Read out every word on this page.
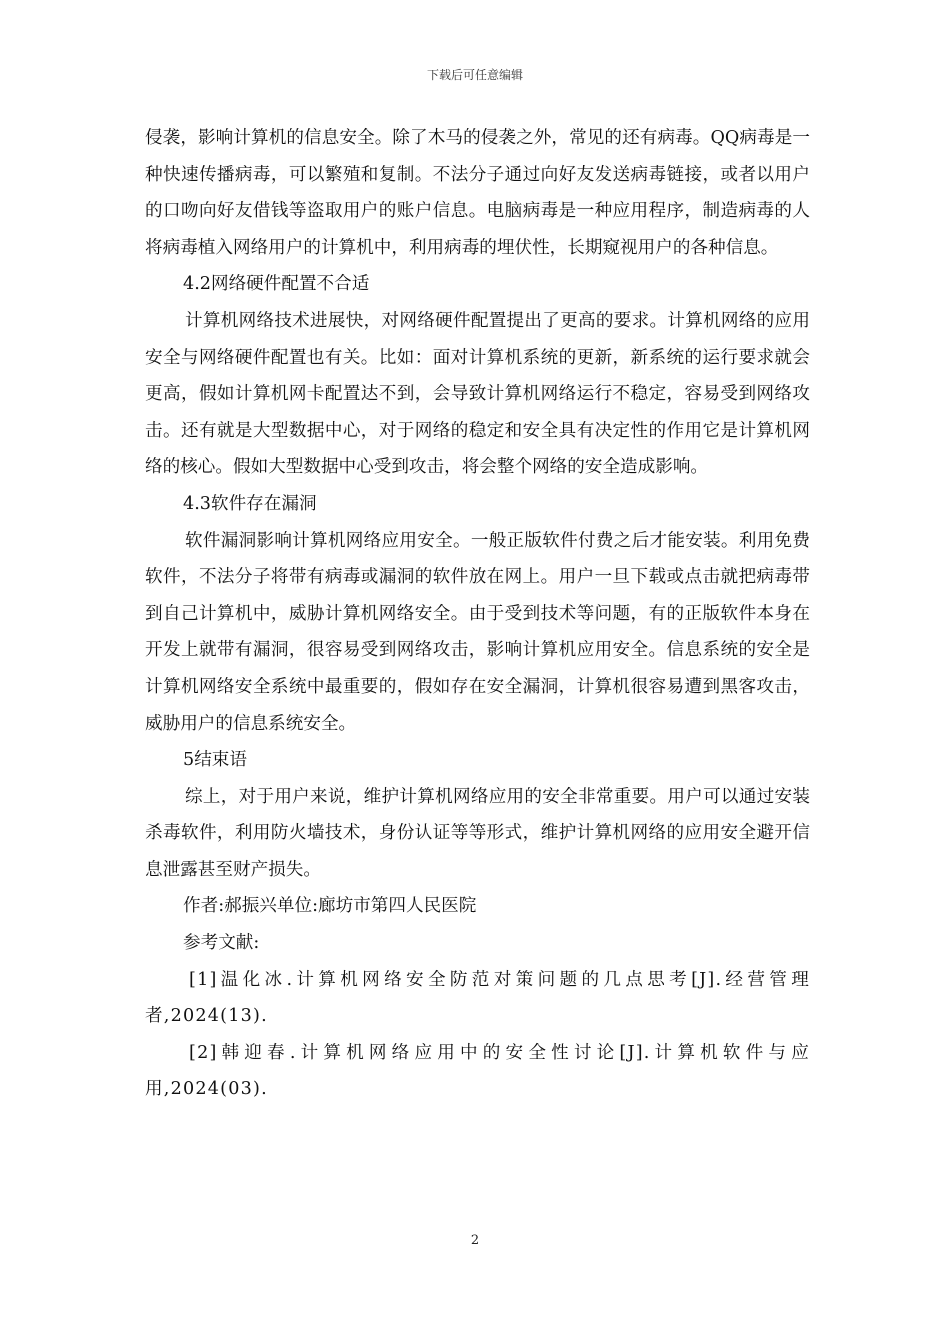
下载后可任意编辑

侵袭，影响计算机的信息安全。除了木马的侵袭之外，常见的还有病毒。QQ病毒是一种快速传播病毒，可以繁殖和复制。不法分子通过向好友发送病毒链接，或者以用户的口吻向好友借钱等盗取用户的账户信息。电脑病毒是一种应用程序，制造病毒的人将病毒植入网络用户的计算机中，利用病毒的埋伏性，长期窥视用户的各种信息。

4.2网络硬件配置不合适

计算机网络技术进展快，对网络硬件配置提出了更高的要求。计算机网络的应用安全与网络硬件配置也有关。比如：面对计算机系统的更新，新系统的运行要求就会更高，假如计算机网卡配置达不到，会导致计算机网络运行不稳定，容易受到网络攻击。还有就是大型数据中心，对于网络的稳定和安全具有决定性的作用它是计算机网络的核心。假如大型数据中心受到攻击，将会整个网络的安全造成影响。

4.3软件存在漏洞

软件漏洞影响计算机网络应用安全。一般正版软件付费之后才能安装。利用免费软件，不法分子将带有病毒或漏洞的软件放在网上。用户一旦下载或点击就把病毒带到自己计算机中，威胁计算机网络安全。由于受到技术等问题，有的正版软件本身在开发上就带有漏洞，很容易受到网络攻击，影响计算机应用安全。信息系统的安全是计算机网络安全系统中最重要的，假如存在安全漏洞，计算机很容易遭到黑客攻击，威胁用户的信息系统安全。

5结束语

综上，对于用户来说，维护计算机网络应用的安全非常重要。用户可以通过安装杀毒软件，利用防火墙技术，身份认证等等形式，维护计算机网络的应用安全避开信息泄露甚至财产损失。

作者:郝振兴单位:廊坊市第四人民医院

参考文献:

[1]温化冰.计算机网络安全防范对策问题的几点思考[J].经营管理者,2024(13).

[2]韩迎春.计算机网络应用中的安全性讨论[J].计算机软件与应用,2024(03).

2
